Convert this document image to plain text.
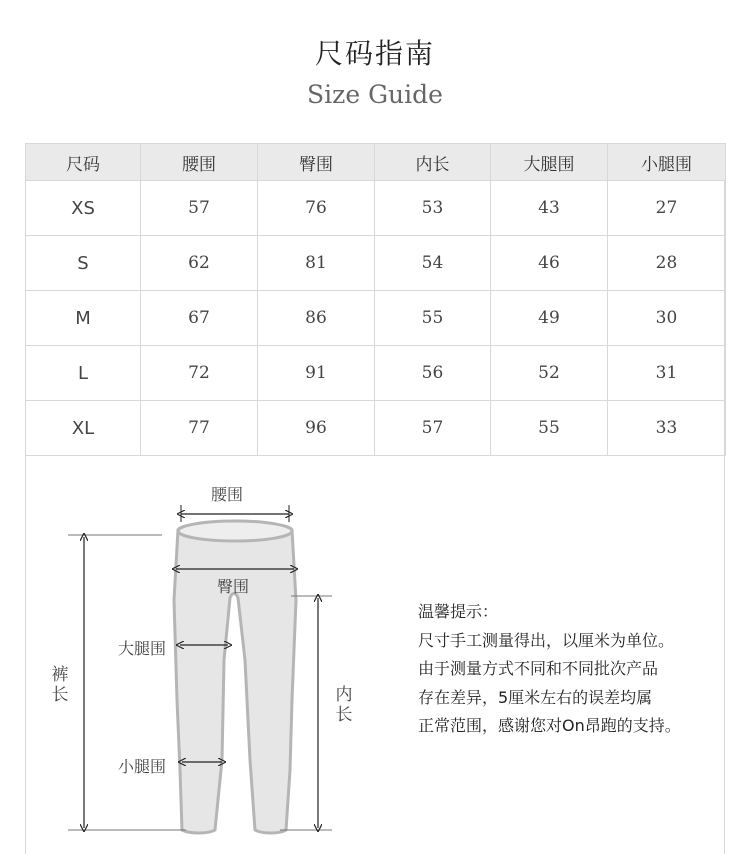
尺码指南
Size Guide
尺码	腰围	臀围	内长	大腿围	小腿围
XS	57	76	53	43	27
S	62	81	54	46	28
M	67	86	55	49	30
L	72	91	56	52	31
XL	77	96	57	55	33
腰围
臀围
大腿围
小腿围
裤长	内长
温馨提示：
尺寸手工测量得出，以厘米为单位。
由于测量方式不同和不同批次产品
存在差异，5厘米左右的误差均属
正常范围，感谢您对On昂跑的支持。
